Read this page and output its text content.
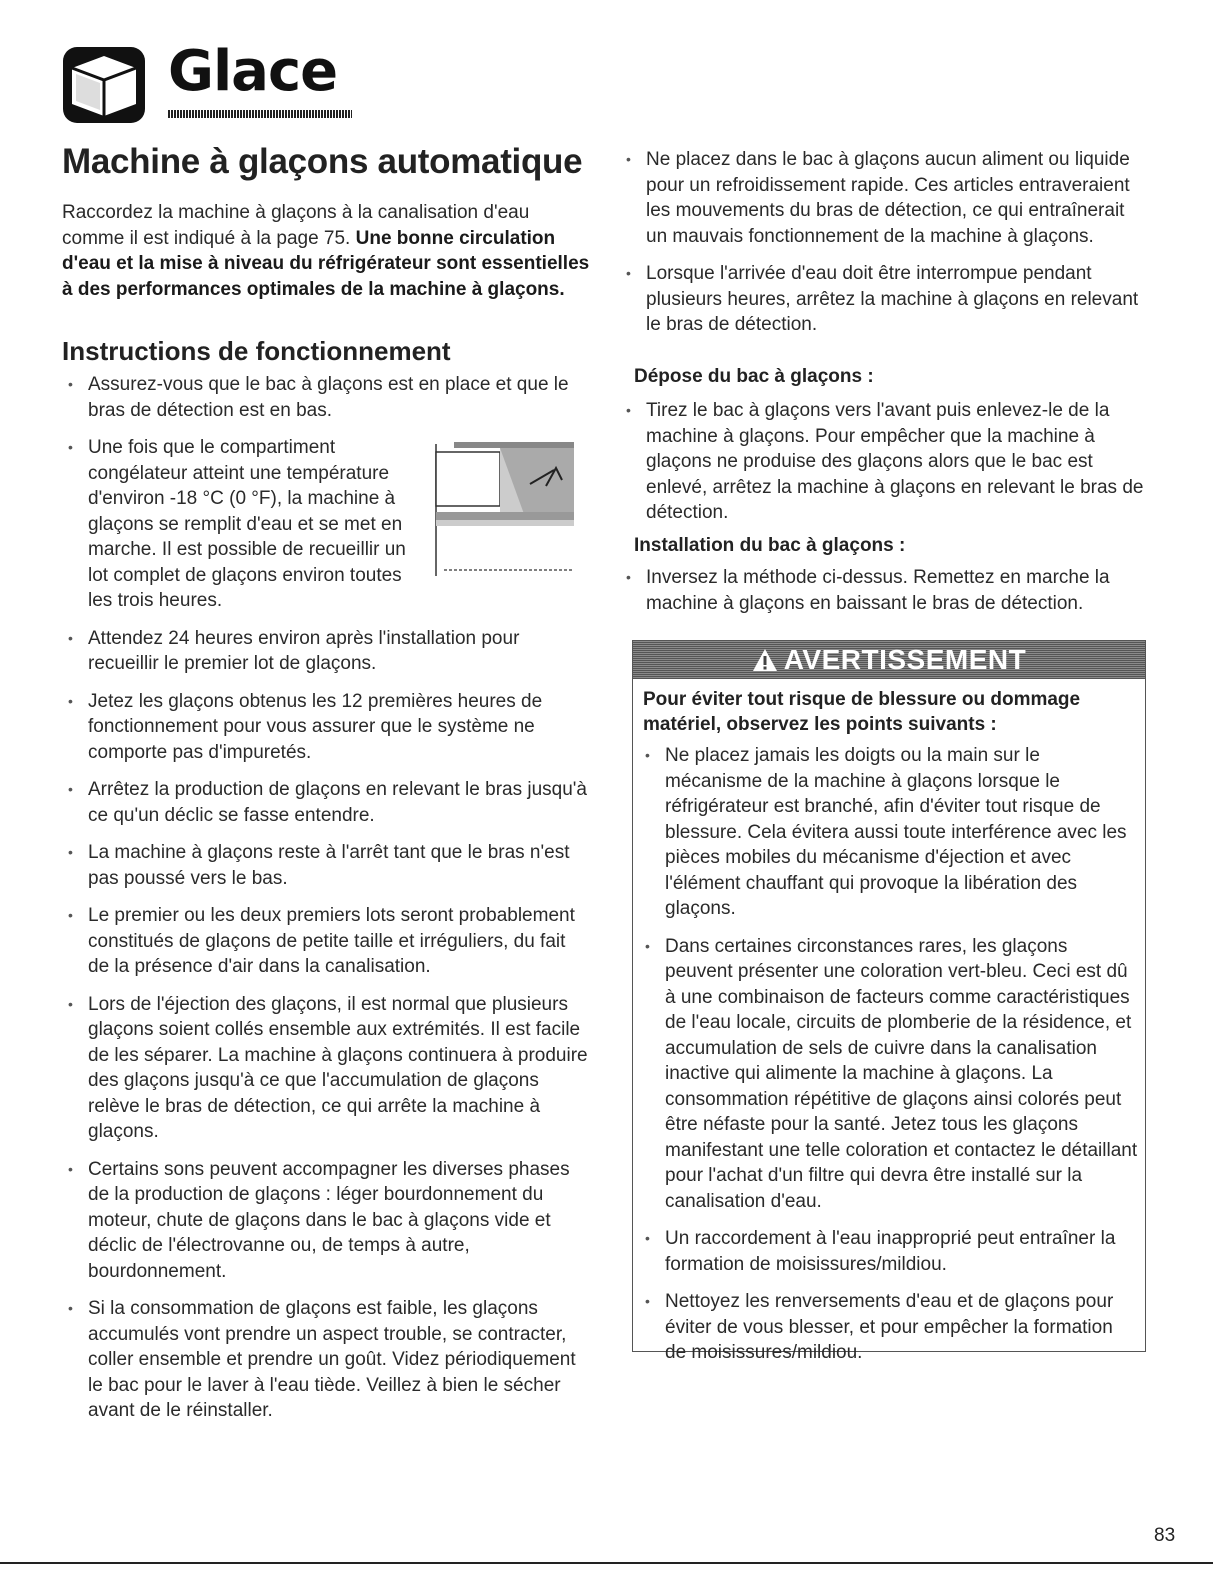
Glace
Machine à glaçons automatique
Raccordez la machine à glaçons à la canalisation d'eau comme il est indiqué à la page 75. Une bonne circulation d'eau et la mise à niveau du réfrigérateur sont essentielles à des performances optimales de la machine à glaçons.
Instructions de fonctionnement
• Assurez-vous que le bac à glaçons est en place et que le bras de détection est en bas.
• Une fois que le compartiment congélateur atteint une température d'environ -18 °C (0 °F), la machine à glaçons se remplit d'eau et se met en marche. Il est possible de recueillir un lot complet de glaçons environ toutes les trois heures.
• Attendez 24 heures environ après l'installation pour recueillir le premier lot de glaçons.
• Jetez les glaçons obtenus les 12 premières heures de fonctionnement pour vous assurer que le système ne comporte pas d'impuretés.
• Arrêtez la production de glaçons en relevant le bras jusqu'à ce qu'un déclic se fasse entendre.
• La machine à glaçons reste à l'arrêt tant que le bras n'est pas poussé vers le bas.
• Le premier ou les deux premiers lots seront probablement constitués de glaçons de petite taille et irréguliers, du fait de la présence d'air dans la canalisation.
• Lors de l'éjection des glaçons, il est normal que plusieurs glaçons soient collés ensemble aux extrémités. Il est facile de les séparer. La machine à glaçons continuera à produire des glaçons jusqu'à ce que l'accumulation de glaçons relève le bras de détection, ce qui arrête la machine à glaçons.
• Certains sons peuvent accompagner les diverses phases de la production de glaçons : léger bourdonnement du moteur, chute de glaçons dans le bac à glaçons vide et déclic de l'électrovanne ou, de temps à autre, bourdonnement.
• Si la consommation de glaçons est faible, les glaçons accumulés vont prendre un aspect trouble, se contracter, coller ensemble et prendre un goût. Videz périodiquement le bac pour le laver à l'eau tiède. Veillez à bien le sécher avant de le réinstaller.
• Ne placez dans le bac à glaçons aucun aliment ou liquide pour un refroidissement rapide. Ces articles entraveraient les mouvements du bras de détection, ce qui entraînerait un mauvais fonctionnement de la machine à glaçons.
• Lorsque l'arrivée d'eau doit être interrompue pendant plusieurs heures, arrêtez la machine à glaçons en relevant le bras de détection.
Dépose du bac à glaçons :
• Tirez le bac à glaçons vers l'avant puis enlevez-le de la machine à glaçons. Pour empêcher que la machine à glaçons ne produise des glaçons alors que le bac est enlevé, arrêtez la machine à glaçons en relevant le bras de détection.
Installation du bac à glaçons :
• Inversez la méthode ci-dessus. Remettez en marche la machine à glaçons en baissant le bras de détection.
AVERTISSEMENT
Pour éviter tout risque de blessure ou dommage matériel, observez les points suivants :
• Ne placez jamais les doigts ou la main sur le mécanisme de la machine à glaçons lorsque le réfrigérateur est branché, afin d'éviter tout risque de blessure. Cela évitera aussi toute interférence avec les pièces mobiles du mécanisme d'éjection et avec l'élément chauffant qui provoque la libération des glaçons.
• Dans certaines circonstances rares, les glaçons peuvent présenter une coloration vert-bleu. Ceci est dû à une combinaison de facteurs comme caractéristiques de l'eau locale, circuits de plomberie de la résidence, et accumulation de sels de cuivre dans la canalisation inactive qui alimente la machine à glaçons. La consommation répétitive de glaçons ainsi colorés peut être néfaste pour la santé. Jetez tous les glaçons manifestant une telle coloration et contactez le détaillant pour l'achat d'un filtre qui devra être installé sur la canalisation d'eau.
• Un raccordement à l'eau inapproprié peut entraîner la formation de moisissures/mildiou.
• Nettoyez les renversements d'eau et de glaçons pour éviter de vous blesser, et pour empêcher la formation de moisissures/mildiou.
83
